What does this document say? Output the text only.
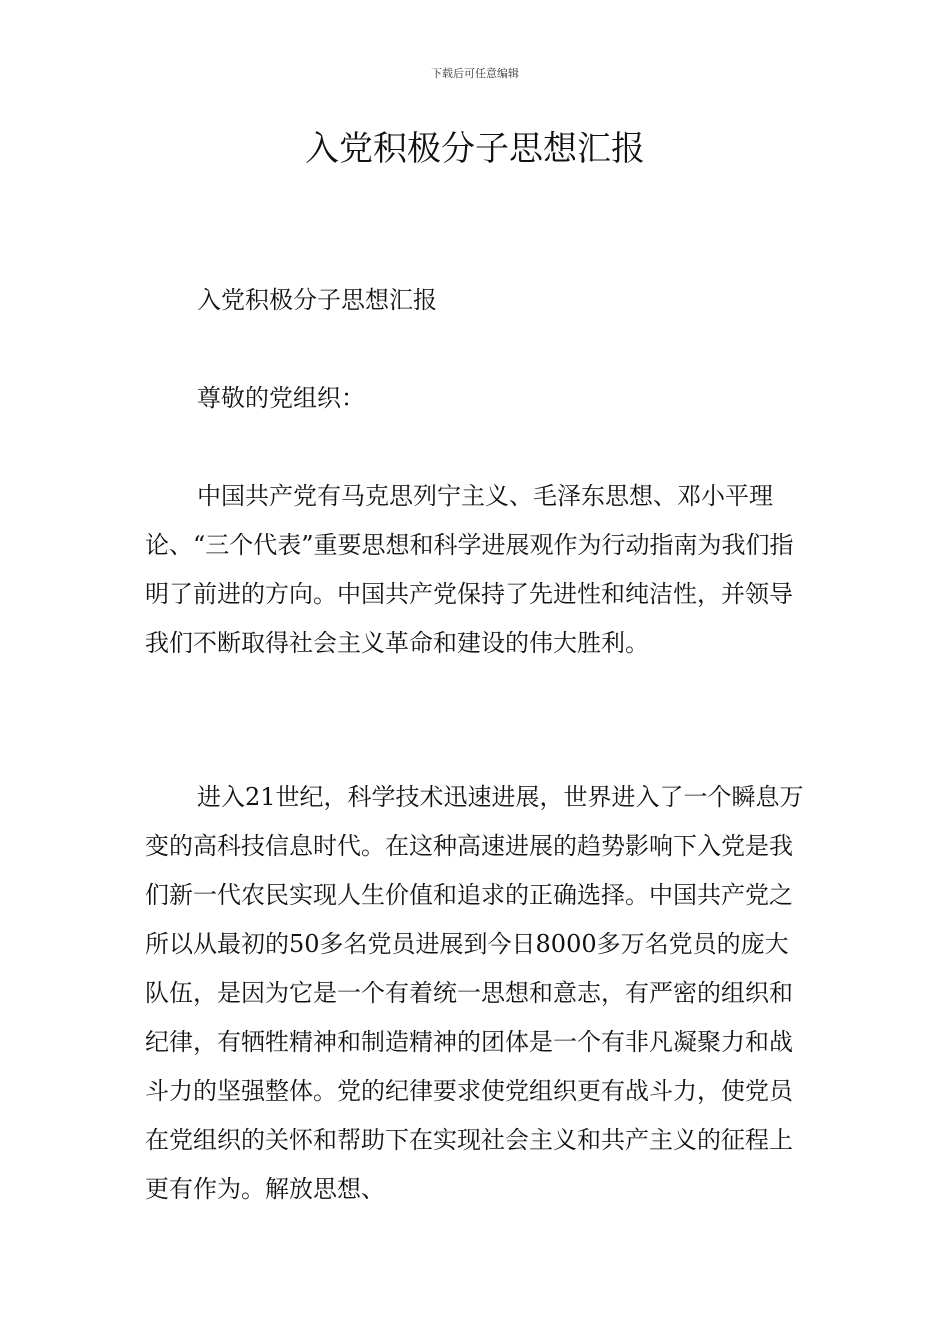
下载后可任意编辑
入党积极分子思想汇报

入党积极分子思想汇报

尊敬的党组织：

中国共产党有马克思列宁主义、毛泽东思想、邓小平理论、“三个代表”重要思想和科学进展观作为行动指南为我们指明了前进的方向。中国共产党保持了先进性和纯洁性，并领导我们不断取得社会主义革命和建设的伟大胜利。

进入21世纪，科学技术迅速进展，世界进入了一个瞬息万变的高科技信息时代。在这种高速进展的趋势影响下入党是我们新一代农民实现人生价值和追求的正确选择。中国共产党之所以从最初的50多名党员进展到今日8000多万名党员的庞大队伍，是因为它是一个有着统一思想和意志，有严密的组织和纪律，有牺牲精神和制造精神的团体是一个有非凡凝聚力和战斗力的坚强整体。党的纪律要求使党组织更有战斗力，使党员在党组织的关怀和帮助下在实现社会主义和共产主义的征程上更有作为。解放思想、
